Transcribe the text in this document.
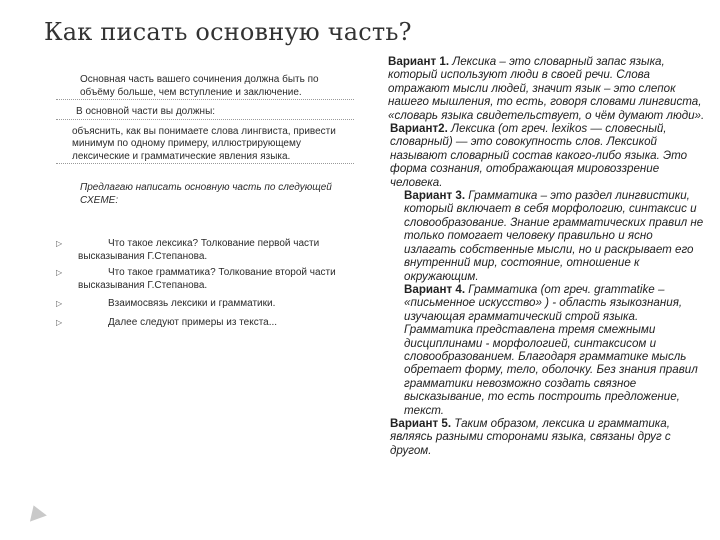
Как писать основную часть?

Основная часть вашего сочинения должна быть по объёму больше, чем вступление и заключение.

В основной части вы должны:

объяснить, как вы понимаете слова лингвиста, привести минимум по одному примеру, иллюстрирующему лексические и грамматические явления языка.

Предлагаю написать основную часть по следующей СХЕМЕ:

▷	Что такое лексика? Толкование первой части высказывания Г.Степанова.
▷	Что такое грамматика? Толкование второй части высказывания Г.Степанова.
▷	Взаимосвязь лексики и грамматики.
▷	Далее следуют примеры из текста...

Вариант 1. Лексика – это словарный запас языка, который используют люди в своей речи. Слова отражают мысли людей, значит язык – это слепок нашего мышления, то есть, говоря словами лингвиста, «словарь языка свидетельствует, о чём думают люди».

Вариант2. Лексика (от греч. lexikos — словесный, словарный) — это совокупность слов. Лексикой называют словарный состав какого-либо языка. Это форма сознания, отображающая мировоззрение человека.

Вариант 3. Грамматика – это раздел лингвистики, который включает в себя морфологию, синтаксис и словообразование. Знание грамматических правил не только помогает человеку правильно и ясно излагать собственные мысли, но и раскрывает его внутренний мир, состояние, отношение к окружающим.

Вариант 4. Грамматика (от греч. grammatike – «письменное искусство» ) - область языкознания, изучающая грамматический строй языка. Грамматика представлена тремя смежными дисциплинами - морфологией, синтаксисом и словообразованием. Благодаря грамматике мысль обретает форму, тело, оболочку. Без знания правил грамматики невозможно создать связное высказывание, то есть построить предложение, текст.

Вариант 5. Таким образом, лексика и грамматика, являясь разными сторонами языка, связаны друг с другом.
